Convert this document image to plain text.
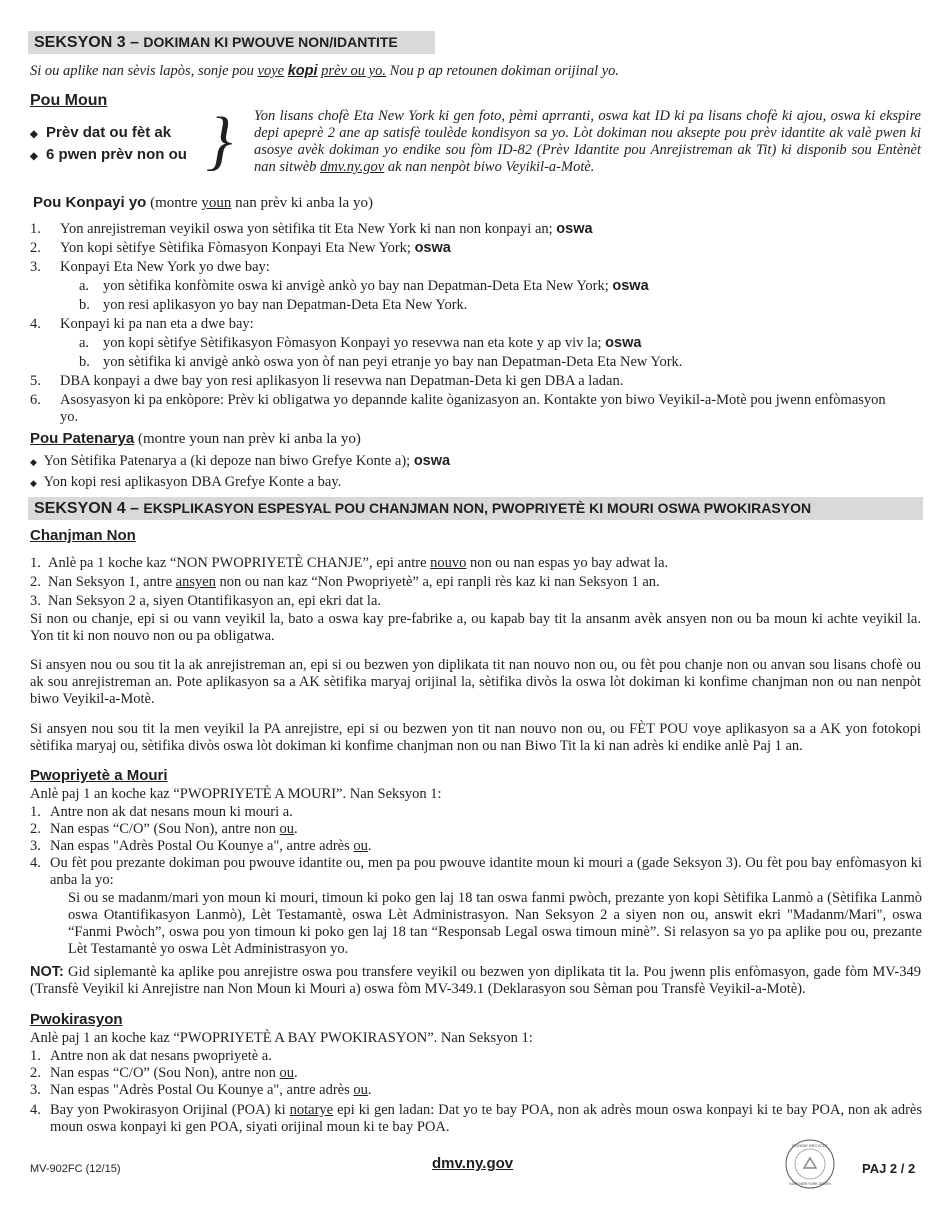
SEKSYON 3 – DOKIMAN KI PWOUVE NON/IDANTITE

Si ou aplike nan sèvis lapòs, sonje pou voye kopi prèv ou yo. Nou p ap retounen dokiman orijinal yo.

Pou Moun
◆ Prèv dat ou fèt ak
◆ 6 pwen prèv non ou } Yon lisans chofè Eta New York ki gen foto, pèmi aprranti, oswa kat ID ki pa lisans chofè ki ajou, oswa ki ekspire depi apeprè 2 ane ap satisfè toulède kondisyon sa yo. Lòt dokiman nou aksepte pou prèv idantite ak valè pwen ki asosye avèk dokiman yo endike sou fòm ID-82 (Prèv Idantite pou Anrejistreman ak Tit) ki disponib sou Entènèt nan sitwèb dmv.ny.gov ak nan nenpòt biwo Veyikil-a-Motè.

Pou Konpayi yo (montre youn nan prèv ki anba la yo)

1.	Yon anrejistreman veyikil oswa yon sètifika tit Eta New York ki nan non konpayi an; oswa
2.	Yon kopi sètifye Sètifika Fòmasyon Konpayi Eta New York; oswa
3.	Konpayi Eta New York yo dwe bay:
a. yon sètifika konfòmite oswa ki anvigè ankò yo bay nan Depatman-Deta Eta New York; oswa
b. yon resi aplikasyon yo bay nan Depatman-Deta Eta New York.
4.	Konpayi ki pa nan eta a dwe bay:
a. yon kopi sètifye Sètifikasyon Fòmasyon Konpayi yo resevwa nan eta kote y ap viv la; oswa
b. yon sètifika ki anvigè ankò oswa yon òf nan peyi etranje yo bay nan Depatman-Deta Eta New York.
5.	DBA konpayi a dwe bay yon resi aplikasyon li resevwa nan Depatman-Deta ki gen DBA a ladan.
6.	Asosyasyon ki pa enkòpore: Prèv ki obligatwa yo depannde kalite òganizasyon an. Kontakte yon biwo Veyikil-a-Motè pou jwenn enfòmasyon yo.

Pou Patenarya (montre youn nan prèv ki anba la yo)

◆ Yon Sètifika Patenarya a (ki depoze nan biwo Grefye Konte a); oswa
◆ Yon kopi resi aplikasyon DBA Grefye Konte a bay.
SEKSYON 4 – EKSPLIKASYON ESPESYAL POU CHANJMAN NON, PWOPRIYETÈ KI MOURI OSWA PWOKIRASYON
Chanjman Non
1. Anlè pa 1 koche kaz “NON PWOPRIYETÈ CHANJE”, epi antre nouvo non ou nan espas yo bay adwat la.
2. Nan Seksyon 1, antre ansyen non ou nan kaz “Non Pwopriyetè” a, epi ranpli rès kaz ki nan Seksyon 1 an.
3. Nan Seksyon 2 a, siyen Otantifikasyon an, epi ekri dat la.

Si non ou chanje, epi si ou vann veyikil la, bato a oswa kay pre-fabrike a, ou kapab bay tit la ansanm avèk ansyen non ou ba moun ki achte veyikil la. Yon tit ki non nouvo non ou pa obligatwa.

Si ansyen nou ou sou tit la ak anrejistreman an, epi si ou bezwen yon diplikata tit nan nouvo non ou, ou fèt pou chanje non ou anvan sou lisans chofè ou ak sou anrejistreman an. Pote aplikasyon sa a AK sètifika maryaj orijinal la, sètifika divòs la oswa lòt dokiman ki konfime chanjman non ou nan nenpòt biwo Veyikil-a-Motè.

Si ansyen nou sou tit la men veyikil la PA anrejistre, epi si ou bezwen yon tit nan nouvo non ou, ou FÈT POU voye aplikasyon sa a AK yon fotokopi sètifika maryaj ou, sètifika divòs oswa lòt dokiman ki konfime chanjman non ou nan Biwo Tit la ki nan adrès ki endike anlè Paj 1 an.

Pwopriyetè a Mouri

Anlè paj 1 an koche kaz “PWOPRIYETÈ A MOURI”. Nan Seksyon 1:

1. Antre non ak dat nesans moun ki mouri a.
2. Nan espas “C/O” (Sou Non), antre non ou.
3. Nan espas "Adrès Postal Ou Kounye a", antre adrès ou.
4. Ou fèt pou prezante dokiman pou pwouve idantite ou, men pa pou pwouve idantite moun ki mouri a (gade Seksyon 3). Ou fèt pou bay enfòmasyon ki anba la yo:
Si ou se madanm/mari yon moun ki mouri, timoun ki poko gen laj 18 tan oswa fanmi pwòch, prezante yon kopi Sètifika Lanmò a (Sètifika Lanmò oswa Otantifikasyon Lanmò), Lèt Testamantè, oswa Lèt Administrasyon. Nan Seksyon 2 a siyen non ou, answit ekri "Madanm/Mari", oswa “Fanmi Pwòch”, oswa pou yon timoun ki poko gen laj 18 tan “Responsab Legal oswa timoun minè”. Si relasyon sa yo pa aplike pou ou, prezante Lèt Testamantè yo oswa Lèt Administrasyon yo.

NOT: Gid siplemantè ka aplike pou anrejistre oswa pou transfere veyikil ou bezwen yon diplikata tit la. Pou jwenn plis enfòmasyon, gade fòm MV-349 (Transfè Veyikil ki Anrejistre nan Non Moun ki Mouri a) oswa fòm MV-349.1 (Deklarasyon sou Sèman pou Transfè Veyikil-a-Motè).

Pwokirasyon

Anlè paj 1 an koche kaz “PWOPRIYETÈ A BAY PWOKIRASYON”. Nan Seksyon 1:

1. Antre non ak dat nesans pwopriyetè a.
2. Nan espas “C/O” (Sou Non), antre non ou.
3. Nan espas "Adrès Postal Ou Kounye a", antre adrès ou.
4. Bay yon Pwokirasyon Orijinal (POA) ki notarye epi ki gen ladan: Dat yo te bay POA, non ak adrès moun oswa konpayi ki te bay POA, non ak adrès moun oswa konpayi ki gen POA, siyati orijinal moun ki te bay POA.
MV-902FC (12/15)	dmv.ny.gov
PLEASE RECYCLE
KEEP NEW YORK GREEN
PAJ 2 / 2
